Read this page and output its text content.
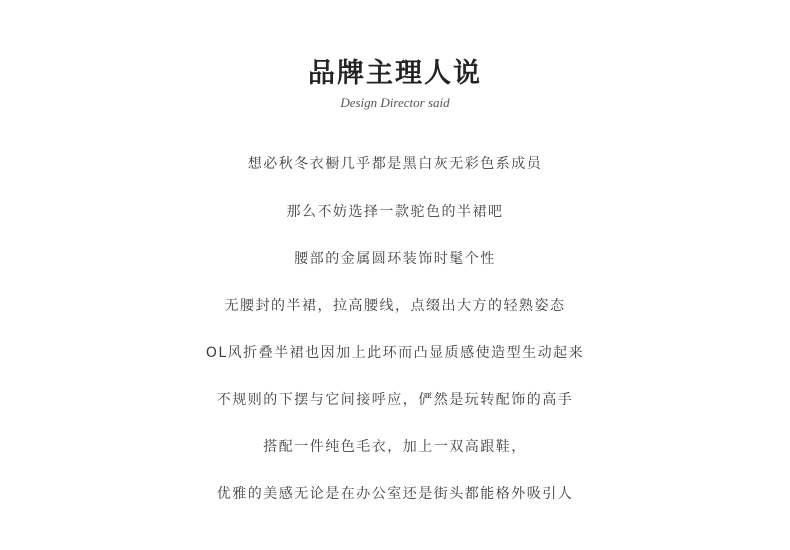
品牌主理人说
Design Director said
想必秋冬衣橱几乎都是黑白灰无彩色系成员
那么不妨选择一款驼色的半裙吧
腰部的金属圆环装饰时髦个性
无腰封的半裙，拉高腰线，点缀出大方的轻熟姿态
OL风折叠半裙也因加上此环而凸显质感使造型生动起来
不规则的下摆与它间接呼应，俨然是玩转配饰的高手
搭配一件纯色毛衣，加上一双高跟鞋，
优雅的美感无论是在办公室还是街头都能格外吸引人
